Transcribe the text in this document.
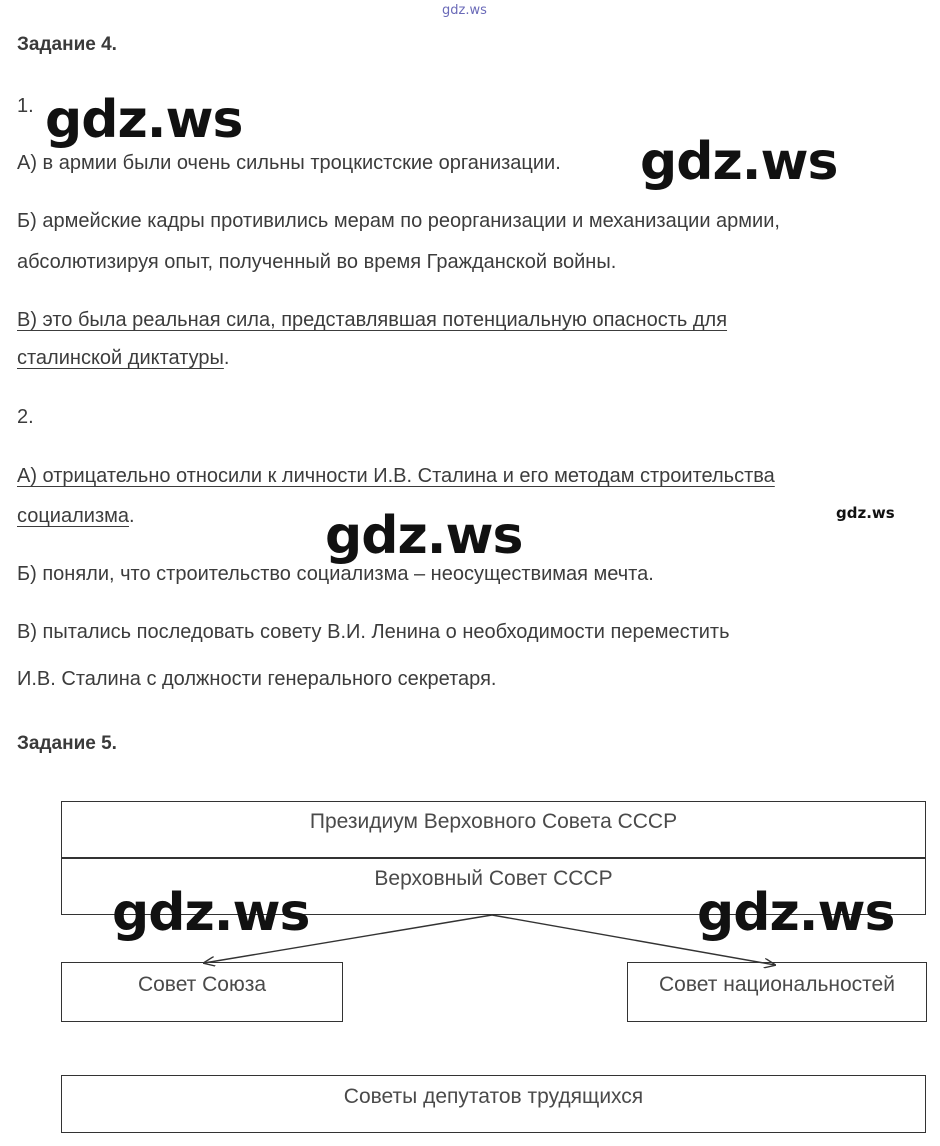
gdz.ws
Задание 4.
1.
А) в армии были очень сильны троцкистские организации.
Б) армейские кадры противились мерам по реорганизации и механизации армии,
абсолютизируя опыт, полученный во время Гражданской войны.
В) это была реальная сила, представлявшая потенциальную опасность для
сталинской диктатуры.
2.
А) отрицательно относили к личности И.В. Сталина и его методам строительства
социализма.
Б) поняли, что строительство социализма – неосуществимая мечта.
В) пытались последовать совету В.И. Ленина о необходимости переместить
И.В. Сталина с должности генерального секретаря.
Задание 5.
Президиум Верховного Совета СССР
Верховный Совет СССР
Совет Союза	Совет национальностей
Советы депутатов трудящихся
gdz.ws
gdz.ws
gdz.ws	gdz.ws
gdz.ws	gdz.ws
